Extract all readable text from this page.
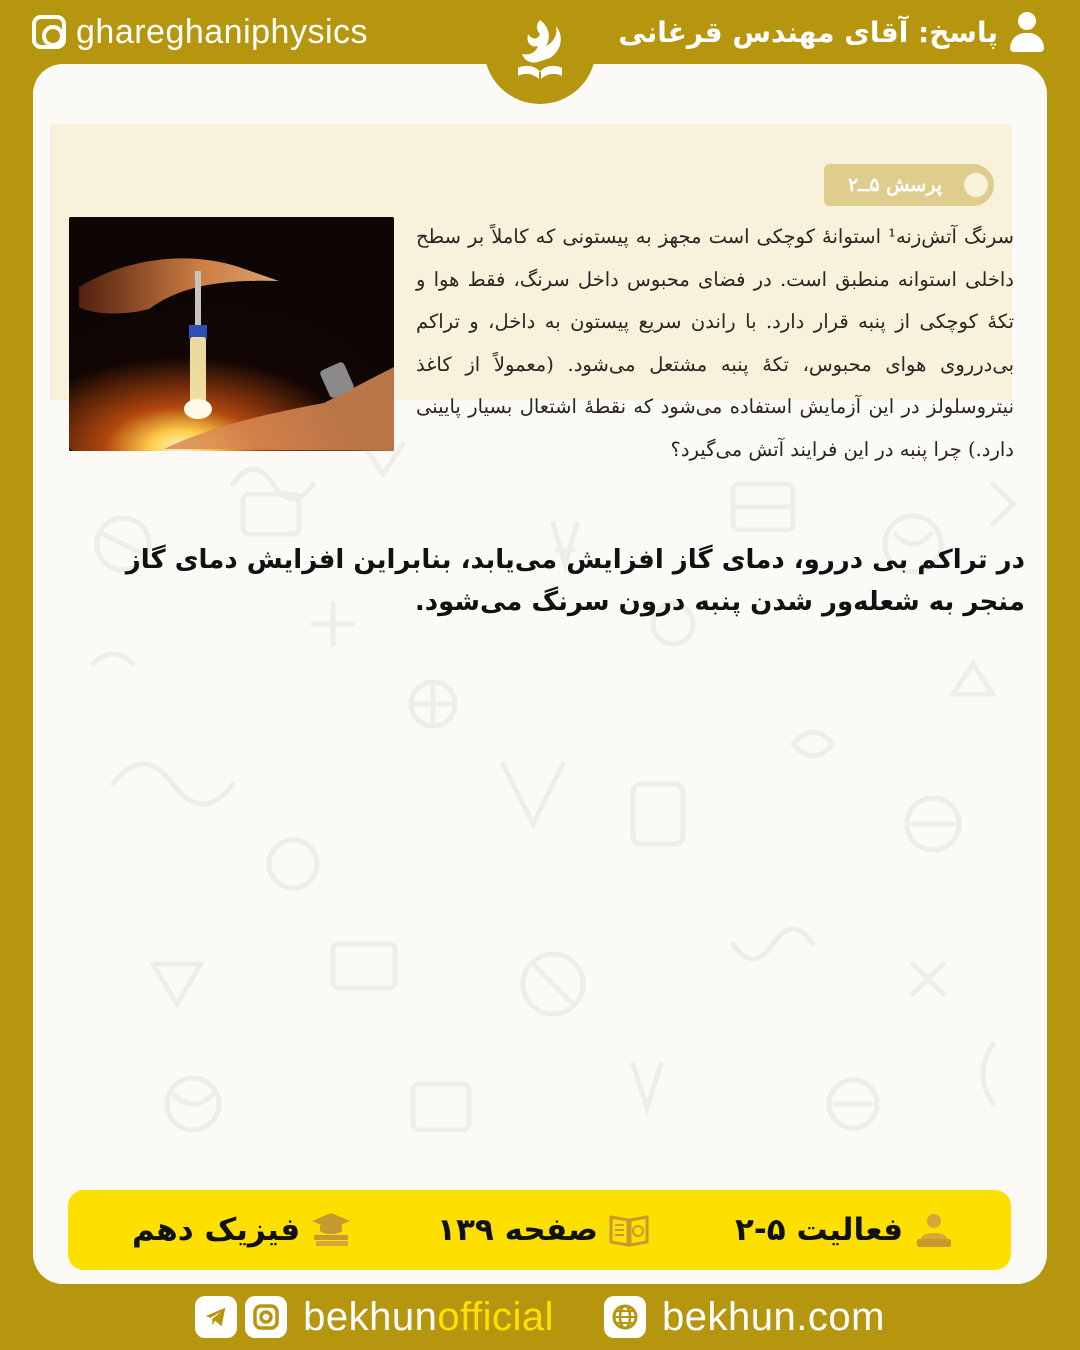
ghareghaniphysics	پاسخ: آقای مهندس قرغانی
پرسش ۵ــ۲
سرنگ آتش‌زنه¹ استوانهٔ کوچکی است مجهز به پیستونی که کاملاً بر سطح داخلی استوانه منطبق است. در فضای محبوس داخل سرنگ، فقط هوا و تکهٔ کوچکی از پنبه قرار دارد. با راندن سریع پیستون به داخل، و تراکم بی‌درروی هوای محبوس، تکهٔ پنبه مشتعل می‌شود. (معمولاً از کاغذ نیتروسلولز در این آزمایش استفاده می‌شود که نقطهٔ اشتعال بسیار پایینی دارد.) چرا پنبه در این فرایند آتش می‌گیرد؟
در تراکم بی دررو، دمای گاز افزایش می‌یابد، بنابراین افزایش دمای گاز منجر به شعله‌ور شدن پنبه درون سرنگ می‌شود.
فعالیت ۵-۲
صفحه ۱۳۹
فیزیک دهم
bekhunofficial	bekhun.com
